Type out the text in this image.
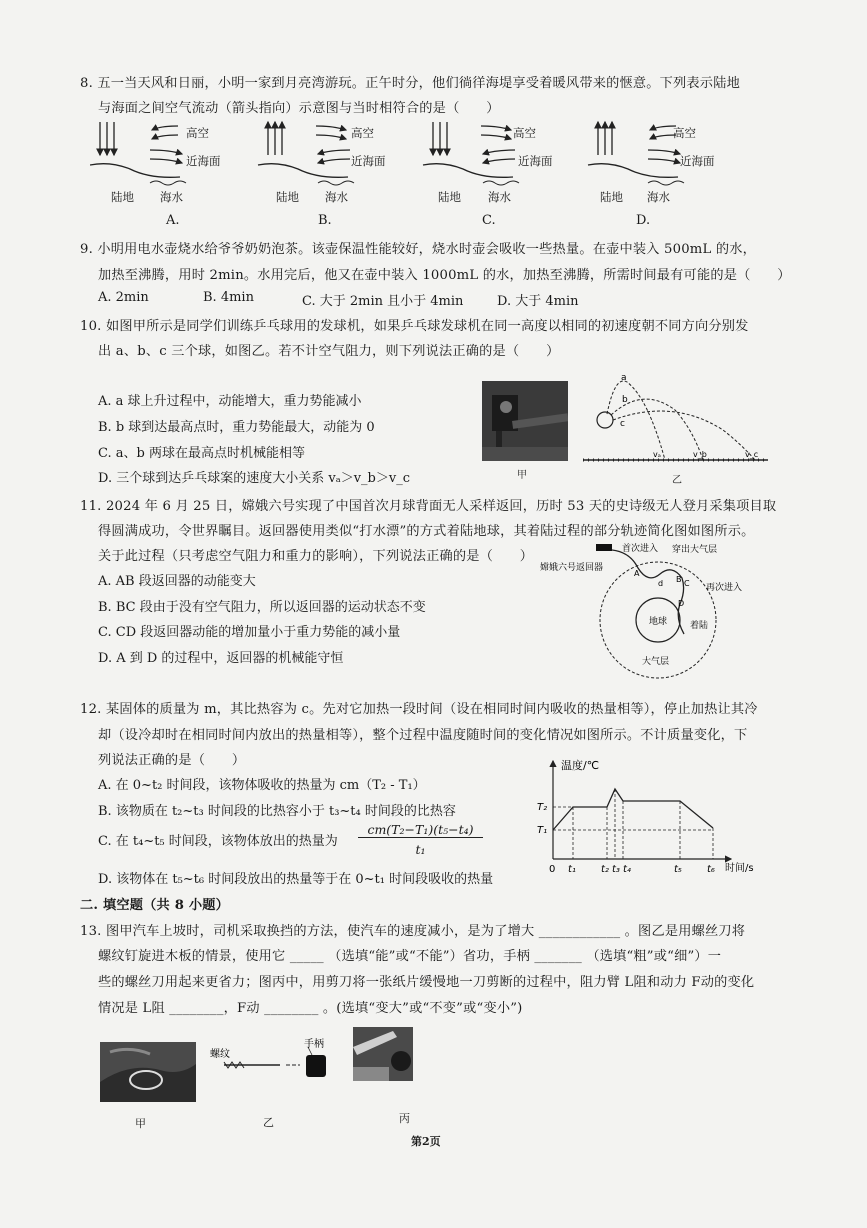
8. 五一当天风和日丽，小明一家到月亮湾游玩。正午时分，他们徜徉海堤享受着暖风带来的惬意。下列表示陆地
与海面之间空气流动（箭头指向）示意图与当时相符合的是（　　）
高空
近海面
陆地 海水
A.
高空
近海面
陆地 海水
B.
高空
近海面
陆地 海水
C.
高空
近海面
陆地 海水
D.
9. 小明用电水壶烧水给爷爷奶奶泡茶。该壶保温性能较好，烧水时壶会吸收一些热量。在壶中装入 500mL 的水，
加热至沸腾，用时 2min。水用完后，他又在壶中装入 1000mL 的水，加热至沸腾，所需时间最有可能的是（　　）
A. 2min	B. 4min	C. 大于 2min 且小于 4min	D. 大于 4min
10. 如图甲所示是同学们训练乒乓球用的发球机，如果乒乓球发球机在同一高度以相同的初速度朝不同方向分别发
出 a、b、c 三个球，如图乙。若不计空气阻力，则下列说法正确的是（　　）
A. a 球上升过程中，动能增大，重力势能减小
B. b 球到达最高点时，重力势能最大，动能为 0
C. a、b 两球在最高点时机械能相等
D. 三个球到达乒乓球案的速度大小关系 vₐ＞v_b＞v_c	甲
a
b
c
vₐ	v_b	v_c
乙
11. 2024 年 6 月 25 日，嫦娥六号实现了中国首次月球背面无人采样返回，历时 53 天的史诗级无人登月采集项目取
得圆满成功，令世界瞩目。返回器使用类似“打水漂”的方式着陆地球，其着陆过程的部分轨迹简化图如图所示。
关于此过程（只考虑空气阻力和重力的影响），下列说法正确的是（　　）
A. AB 段返回器的动能变大
B. BC 段由于没有空气阻力，所以返回器的运动状态不变
C. CD 段返回器动能的增加量小于重力势能的减小量
D. A 到 D 的过程中，返回器的机械能守恒
嫦娥六号返回器
首次进入 穿出大气层
再次进入
A
B C
D
d
地球	着陆
大气层
12. 某固体的质量为 m，其比热容为 c。先对它加热一段时间（设在相同时间内吸收的热量相等），停止加热让其冷
却（设冷却时在相同时间内放出的热量相等），整个过程中温度随时间的变化情况如图所示。不计质量变化，下
列说法正确的是（　　）
A. 在 0~t₂ 时间段，该物体吸收的热量为 cm（T₂ - T₁）
B. 该物质在 t₂~t₃ 时间段的比热容小于 t₃~t₄ 时间段的比热容
C. 在 t₄~t₅ 时间段，该物体放出的热量为
cm(T₂−T₁)(t₅−t₄)
t₁
D. 该物体在 t₅~t₆ 时间段放出的热量等于在 0~t₁ 时间段吸收的热量
温度/℃
时间/s
T₂
T₁
0 t₁	t₂ t₃ t₄	t₅	t₆
二. 填空题（共 8 小题）
13. 图甲汽车上坡时，司机采取换挡的方法，使汽车的速度减小，是为了增大 ____________ 。图乙是用螺丝刀将
螺纹钉旋进木板的情景，使用它 _____ （选填“能”或“不能”）省功，手柄 _______ （选填“粗”或“细”）一
些的螺丝刀用起来更省力；图丙中，用剪刀将一张纸片缓慢地一刀剪断的过程中，阻力臂 L阻和动力 F动的变化
情况是 L阻 ________，F动 ________ 。(选填“变大”或“不变”或“变小”)
甲
螺纹
手柄
乙	丙
第2页
